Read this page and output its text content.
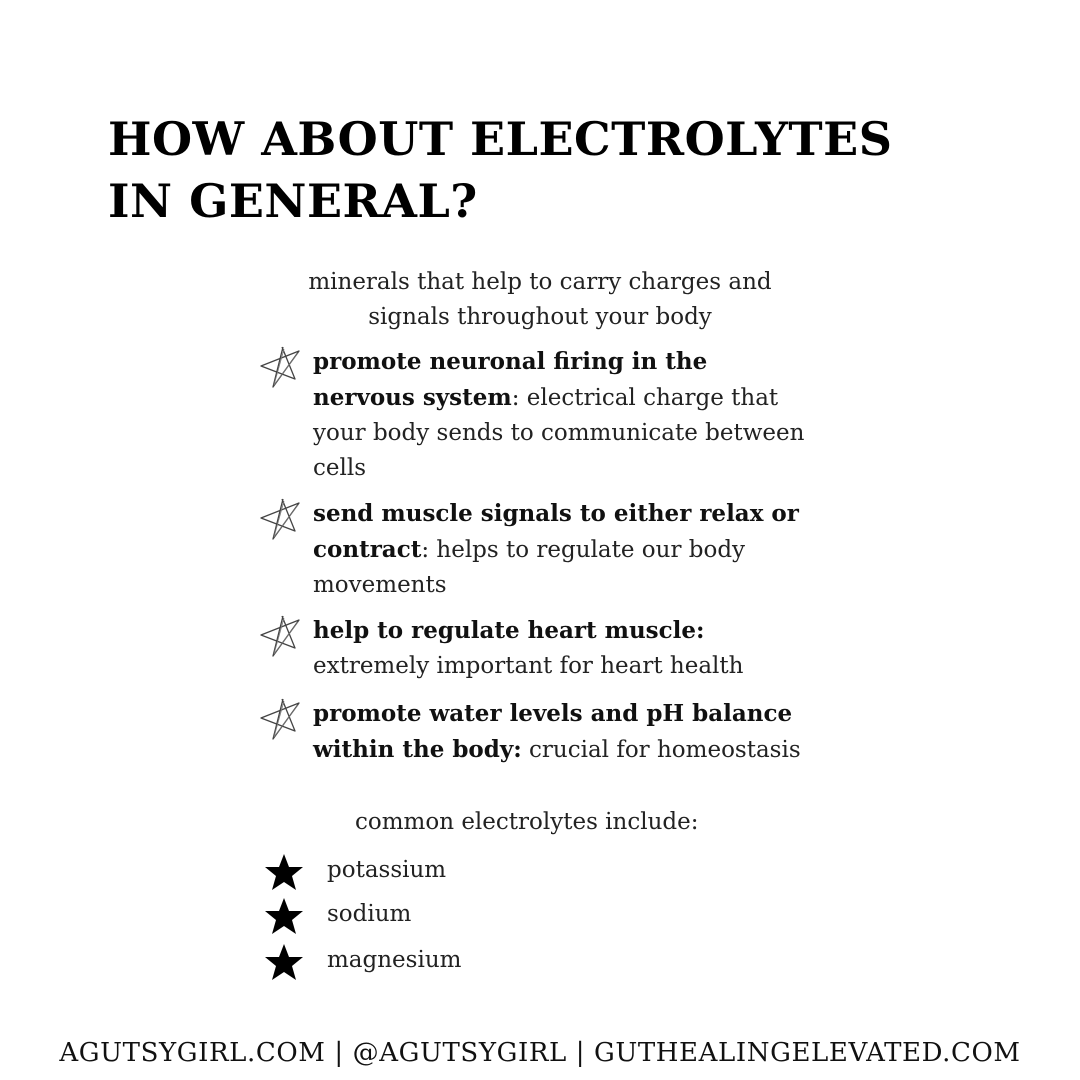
HOW ABOUT ELECTROLYTES IN GENERAL?
minerals that help to carry charges and signals throughout your body
promote neuronal firing in the nervous system: electrical charge that your body sends to communicate between cells
send muscle signals to either relax or contract: helps to regulate our body movements
help to regulate heart muscle: extremely important for heart health
promote water levels and pH balance within the body: crucial for homeostasis
common electrolytes include:
potassium
sodium
magnesium
AGUTSYGIRL.COM | @AGUTSYGIRL | GUTHEALINGELEVATED.COM
